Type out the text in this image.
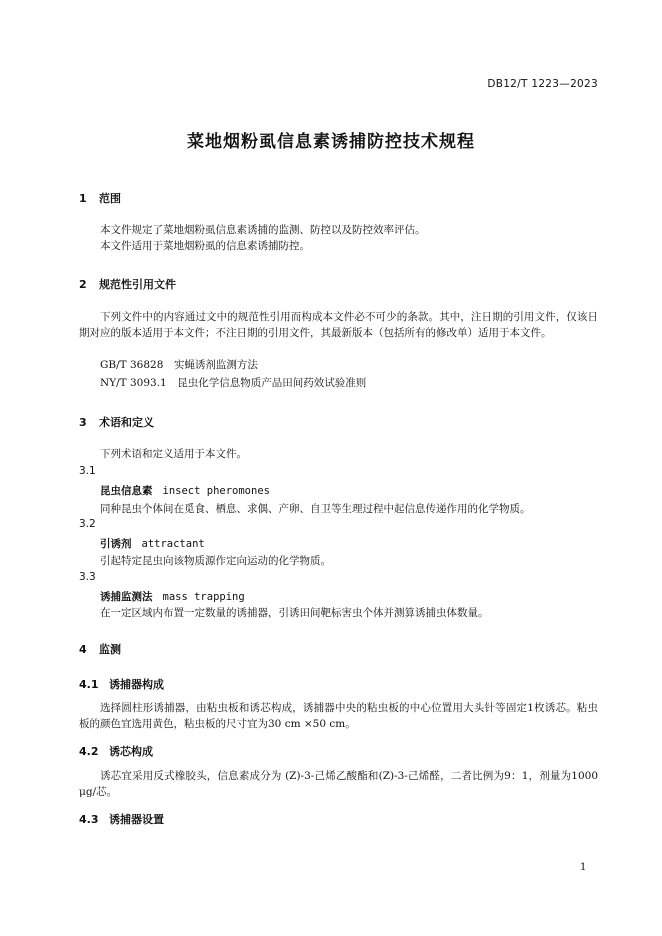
DB12/T 1223—2023
菜地烟粉虱信息素诱捕防控技术规程
1 范围
本文件规定了菜地烟粉虱信息素诱捕的监测、防控以及防控效率评估。
本文件适用于菜地烟粉虱的信息素诱捕防控。
2 规范性引用文件
下列文件中的内容通过文中的规范性引用而构成本文件必不可少的条款。其中，注日期的引用文件，仅该日期对应的版本适用于本文件；不注日期的引用文件，其最新版本（包括所有的修改单）适用于本文件。
GB/T 36828　实蝇诱剂监测方法
NY/T 3093.1　昆虫化学信息物质产品田间药效试验准则
3 术语和定义
下列术语和定义适用于本文件。
3.1
昆虫信息素 insect pheromones
同种昆虫个体间在觅食、栖息、求偶、产卵、自卫等生理过程中起信息传递作用的化学物质。
3.2
引诱剂 attractant
引起特定昆虫向该物质源作定向运动的化学物质。
3.3
诱捕监测法 mass trapping
在一定区域内布置一定数量的诱捕器，引诱田间靶标害虫个体并测算诱捕虫体数量。
4 监测
4.1 诱捕器构成
选择圆柱形诱捕器，由粘虫板和诱芯构成，诱捕器中央的粘虫板的中心位置用大头针等固定1枚诱芯。粘虫板的颜色宜选用黄色，粘虫板的尺寸宜为30 cm ×50 cm。
4.2 诱芯构成
诱芯宜采用反式橡胶头，信息素成分为 (Z)-3-己烯乙酸酯和(Z)-3-己烯醛，二者比例为9：1，剂量为1000 μg/芯。
4.3 诱捕器设置
1
